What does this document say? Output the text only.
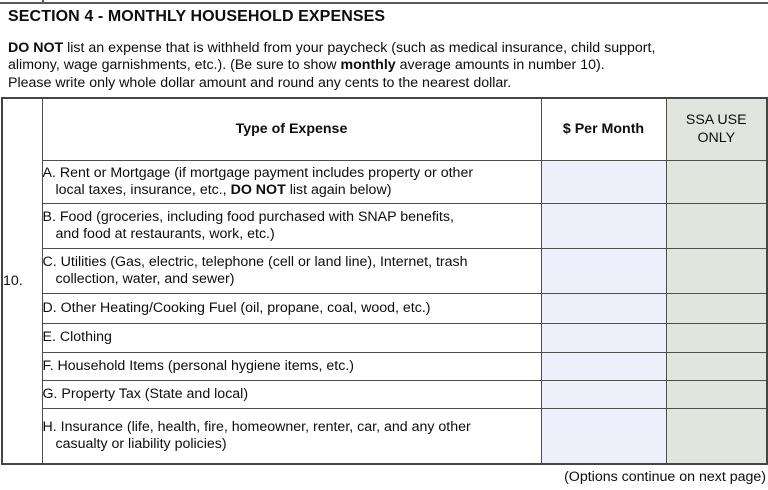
SECTION 4 - MONTHLY HOUSEHOLD EXPENSES
DO NOT list an expense that is withheld from your paycheck (such as medical insurance, child support,
alimony, wage garnishments, etc.). (Be sure to show monthly average amounts in number 10).
Please write only whole dollar amount and round any cents to the nearest dollar.
10.	Type of Expense	$ Per Month	SSA USE
ONLY

	A. Rent or Mortgage (if mortgage payment includes property or other
local taxes, insurance, etc., DO NOT list again below)		

	B. Food (groceries, including food purchased with SNAP benefits,
and food at restaurants, work, etc.)		

	C. Utilities (Gas, electric, telephone (cell or land line), Internet, trash
collection, water, and sewer)		

	D. Other Heating/Cooking Fuel (oil, propane, coal, wood, etc.)		

	E. Clothing		

	F. Household Items (personal hygiene items, etc.)		

	G. Property Tax (State and local)		

	H. Insurance (life, health, fire, homeowner, renter, car, and any other
casualty or liability policies)		

(Options continue on next page)
